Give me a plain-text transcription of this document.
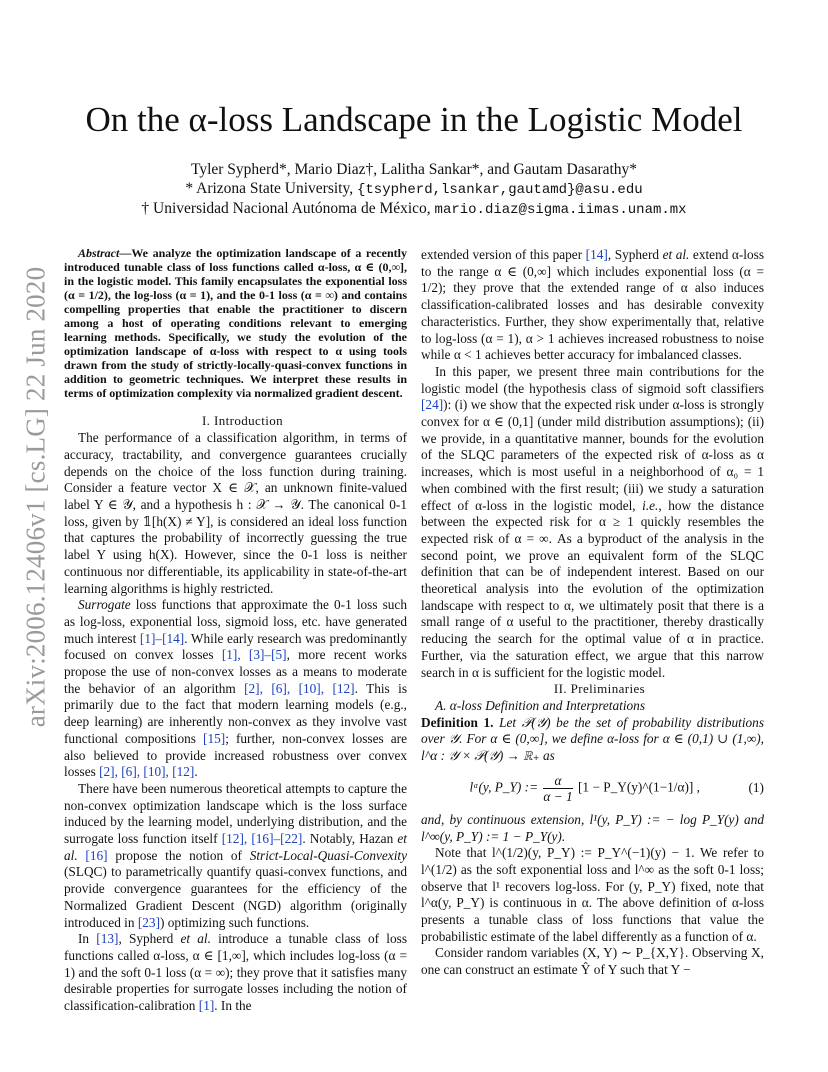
arXiv:2006.12406v1 [cs.LG] 22 Jun 2020
On the α-loss Landscape in the Logistic Model
Tyler Sypherd*, Mario Diaz†, Lalitha Sankar*, and Gautam Dasarathy*
* Arizona State University, {tsypherd,lsankar,gautamd}@asu.edu
† Universidad Nacional Autónoma de México, mario.diaz@sigma.iimas.unam.mx

Abstract—We analyze the optimization landscape of a recently introduced tunable class of loss functions called α-loss, α ∈ (0,∞], in the logistic model. This family encapsulates the exponential loss (α = 1/2), the log-loss (α = 1), and the 0-1 loss (α = ∞) and contains compelling properties that enable the practitioner to discern among a host of operating conditions relevant to emerging learning methods. Specifically, we study the evolution of the optimization landscape of α-loss with respect to α using tools drawn from the study of strictly-locally-quasi-convex functions in addition to geometric techniques. We interpret these results in terms of optimization complexity via normalized gradient descent.

I. Introduction

The performance of a classification algorithm, in terms of accuracy, tractability, and convergence guarantees crucially depends on the choice of the loss function during training. Consider a feature vector X ∈ 𝒳, an unknown finite-valued label Y ∈ 𝒴, and a hypothesis h : 𝒳 → 𝒴. The canonical 0-1 loss, given by 𝟙[h(X) ≠ Y], is considered an ideal loss function that captures the probability of incorrectly guessing the true label Y using h(X). However, since the 0-1 loss is neither continuous nor differentiable, its applicability in state-of-the-art learning algorithms is highly restricted.

Surrogate loss functions that approximate the 0-1 loss such as log-loss, exponential loss, sigmoid loss, etc. have generated much interest [1]–[14]. While early research was predominantly focused on convex losses [1], [3]–[5], more recent works propose the use of non-convex losses as a means to moderate the behavior of an algorithm [2], [6], [10], [12]. This is primarily due to the fact that modern learning models (e.g., deep learning) are inherently non-convex as they involve vast functional compositions [15]; further, non-convex losses are also believed to provide increased robustness over convex losses [2], [6], [10], [12].

There have been numerous theoretical attempts to capture the non-convex optimization landscape which is the loss surface induced by the learning model, underlying distribution, and the surrogate loss function itself [12], [16]–[22]. Notably, Hazan et al. [16] propose the notion of Strict-Local-Quasi-Convexity (SLQC) to parametrically quantify quasi-convex functions, and provide convergence guarantees for the efficiency of the Normalized Gradient Descent (NGD) algorithm (originally introduced in [23]) optimizing such functions.

In [13], Sypherd et al. introduce a tunable class of loss functions called α-loss, α ∈ [1,∞], which includes log-loss (α = 1) and the soft 0-1 loss (α = ∞); they prove that it satisfies many desirable properties for surrogate losses including the notion of classification-calibration [1]. In the

extended version of this paper [14], Sypherd et al. extend α-loss to the range α ∈ (0,∞] which includes exponential loss (α = 1/2); they prove that the extended range of α also induces classification-calibrated losses and has desirable convexity characteristics. Further, they show experimentally that, relative to log-loss (α = 1), α > 1 achieves increased robustness to noise while α < 1 achieves better accuracy for imbalanced classes.

In this paper, we present three main contributions for the logistic model (the hypothesis class of sigmoid soft classifiers [24]): (i) we show that the expected risk under α-loss is strongly convex for α ∈ (0,1] (under mild distribution assumptions); (ii) we provide, in a quantitative manner, bounds for the evolution of the SLQC parameters of the expected risk of α-loss as α increases, which is most useful in a neighborhood of α₀ = 1 when combined with the first result; (iii) we study a saturation effect of α-loss in the logistic model, i.e., how the distance between the expected risk for α ≥ 1 quickly resembles the expected risk of α = ∞. As a byproduct of the analysis in the second point, we prove an equivalent form of the SLQC definition that can be of independent interest. Based on our theoretical analysis into the evolution of the optimization landscape with respect to α, we ultimately posit that there is a small range of α useful to the practitioner, thereby drastically reducing the search for the optimal value of α in practice. Further, via the saturation effect, we argue that this narrow search in α is sufficient for the logistic model.

II. Preliminaries

A. α-loss Definition and Interpretations

Definition 1. Let 𝒫(𝒴) be the set of probability distributions over 𝒴. For α ∈ (0,∞], we define α-loss for α ∈ (0,1) ∪ (1,∞), l^α : 𝒴 × 𝒫(𝒴) → ℝ₊ as

lᵅ(y, P_Y) := $\frac{\alpha}{\alpha - 1} [1$ − P_Y(y)^(1−1/α)] ,	(1)

and, by continuous extension, l¹(y, P_Y) := − log P_Y(y) and l^∞(y, P_Y) := 1 − P_Y(y).

Note that l^(1/2)(y, P_Y) := P_Y^(−1)(y) − 1. We refer to l^(1/2) as the soft exponential loss and l^∞ as the soft 0-1 loss; observe that l¹ recovers log-loss. For (y, P_Y) fixed, note that l^α(y, P_Y) is continuous in α. The above definition of α-loss presents a tunable class of loss functions that value the probabilistic estimate of the label differently as a function of α.

Consider random variables (X, Y) ∼ P_{X,Y}. Observing X, one can construct an estimate Ŷ of Y such that Y −
